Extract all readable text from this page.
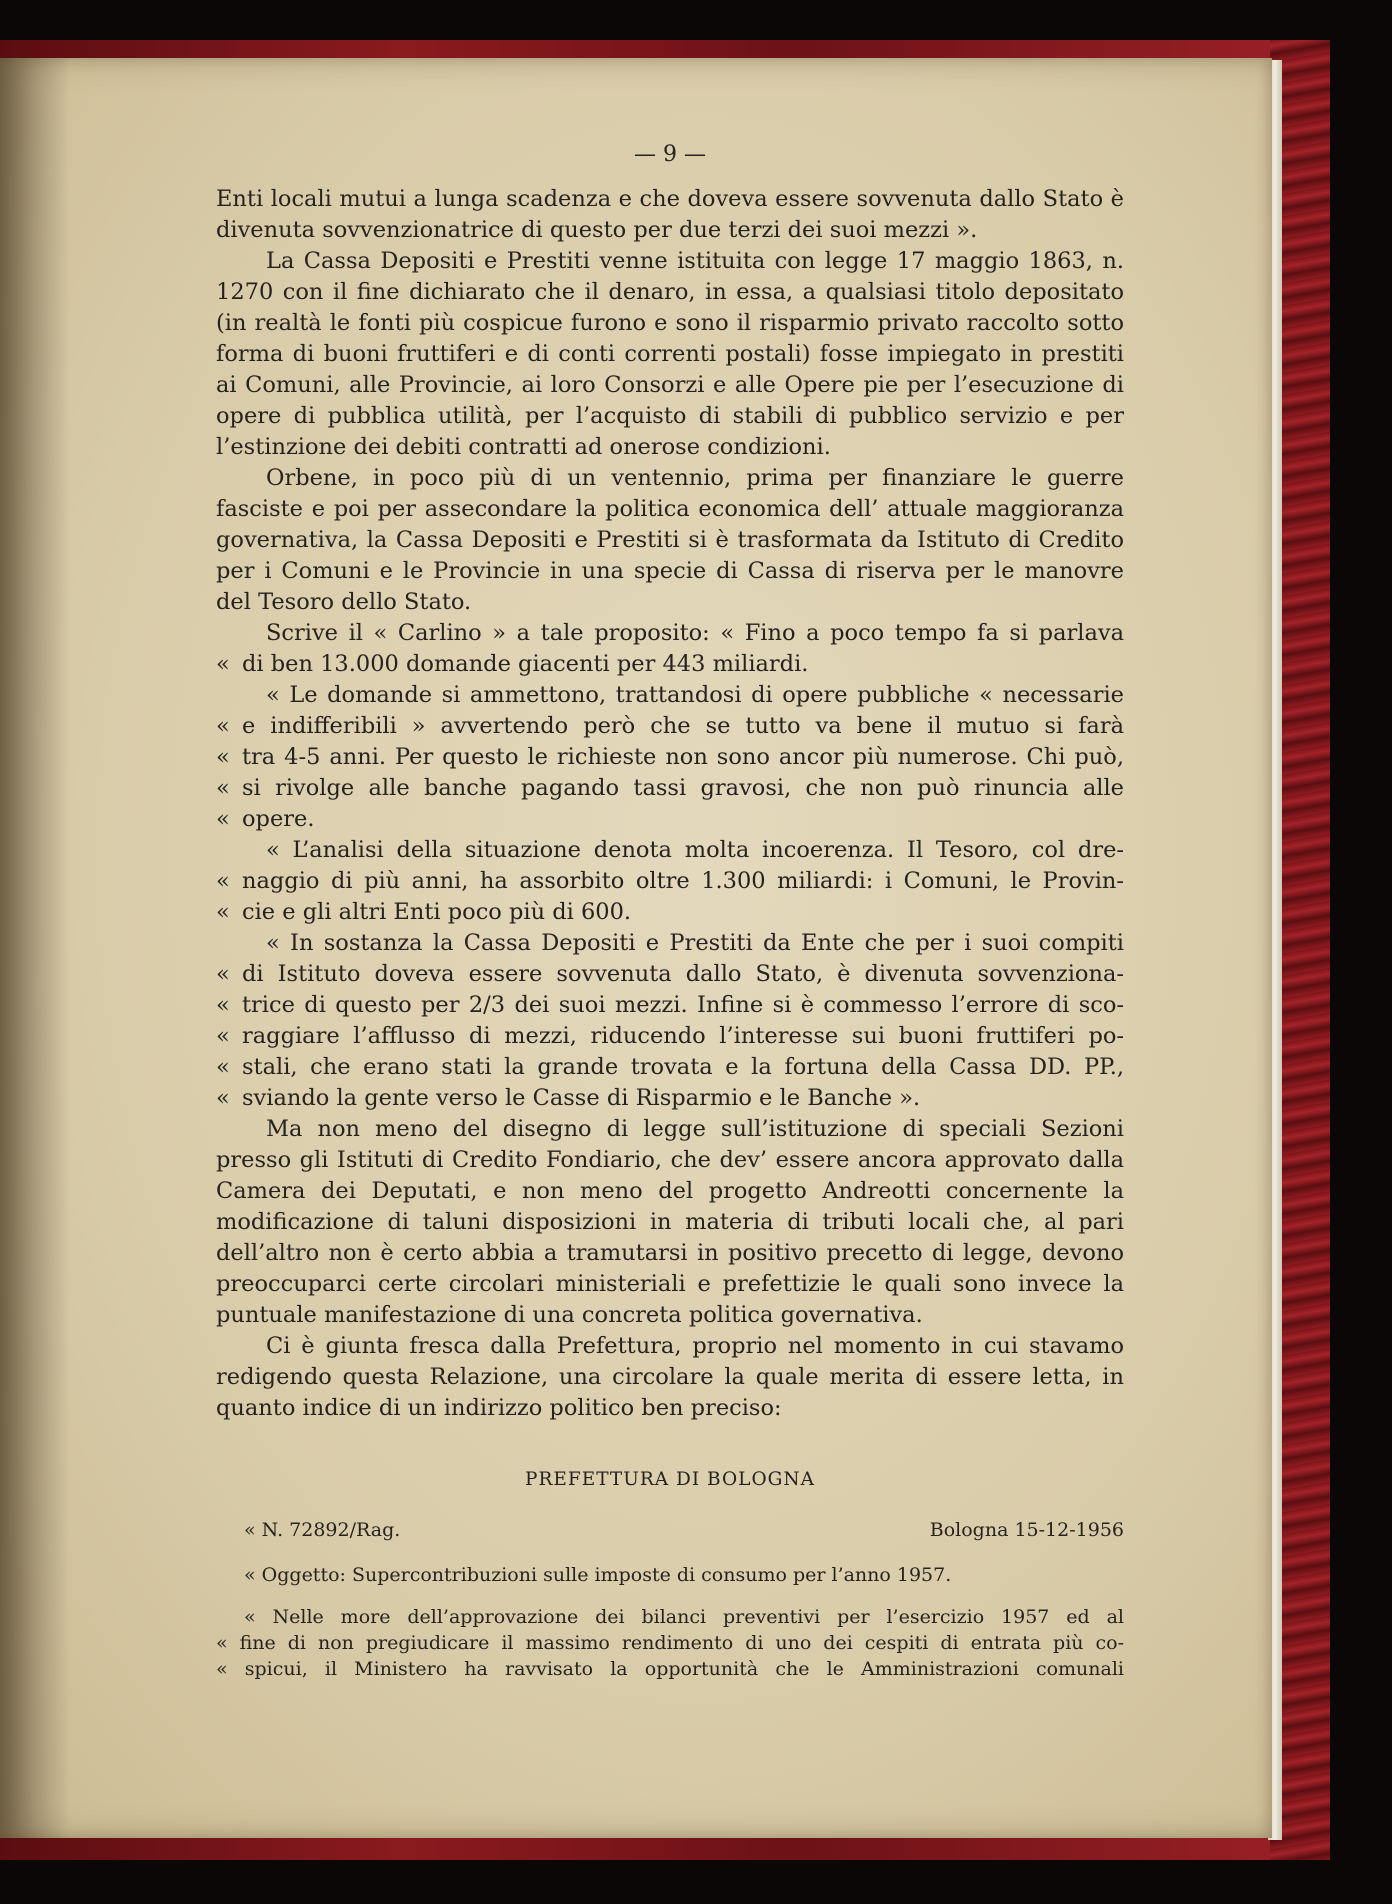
— 9 —

Enti locali mutui a lunga scadenza e che doveva essere sovvenuta dallo Stato è divenuta sovvenzionatrice di questo per due terzi dei suoi mezzi ».

La Cassa Depositi e Prestiti venne istituita con legge 17 maggio 1863, n. 1270 con il fine dichiarato che il denaro, in essa, a qualsiasi titolo depositato (in realtà le fonti più cospicue furono e sono il risparmio privato raccolto sotto forma di buoni fruttiferi e di conti correnti postali) fosse impiegato in prestiti ai Comuni, alle Provincie, ai loro Consorzi e alle Opere pie per l’esecuzione di opere di pubblica utilità, per l’acquisto di stabili di pubblico servizio e per l’estinzione dei debiti contratti ad onerose condizioni.

Orbene, in poco più di un ventennio, prima per finanziare le guerre fasciste e poi per assecondare la politica economica dell’ attuale maggioranza governativa, la Cassa Depositi e Prestiti si è trasformata da Istituto di Credito per i Comuni e le Provincie in una specie di Cassa di riserva per le manovre del Tesoro dello Stato.

Scrive il « Carlino » a tale proposito: « Fino a poco tempo fa si parlava
« di ben 13.000 domande giacenti per 443 miliardi.

« Le domande si ammettono, trattandosi di opere pubbliche « necessarie
« e indifferibili » avvertendo però che se tutto va bene il mutuo si farà
« tra 4-5 anni. Per questo le richieste non sono ancor più numerose. Chi può,
« si rivolge alle banche pagando tassi gravosi, che non può rinuncia alle
« opere.

« L’analisi della situazione denota molta incoerenza. Il Tesoro, col dre-
« naggio di più anni, ha assorbito oltre 1.300 miliardi: i Comuni, le Provin-
« cie e gli altri Enti poco più di 600.

« In sostanza la Cassa Depositi e Prestiti da Ente che per i suoi compiti
« di Istituto doveva essere sovvenuta dallo Stato, è divenuta sovvenziona-
« trice di questo per 2/3 dei suoi mezzi. Infine si è commesso l’errore di sco-
« raggiare l’afflusso di mezzi, riducendo l’interesse sui buoni fruttiferi po-
« stali, che erano stati la grande trovata e la fortuna della Cassa DD. PP.,
« sviando la gente verso le Casse di Risparmio e le Banche ».

Ma non meno del disegno di legge sull’istituzione di speciali Sezioni presso gli Istituti di Credito Fondiario, che dev’ essere ancora approvato dalla Camera dei Deputati, e non meno del progetto Andreotti concernente la modificazione di taluni disposizioni in materia di tributi locali che, al pari dell’altro non è certo abbia a tramutarsi in positivo precetto di legge, devono preoccuparci certe circolari ministeriali e prefettizie le quali sono invece la puntuale manifestazione di una concreta politica governativa.

Ci è giunta fresca dalla Prefettura, proprio nel momento in cui stavamo redigendo questa Relazione, una circolare la quale merita di essere letta, in quanto indice di un indirizzo politico ben preciso:

PREFETTURA DI BOLOGNA
« N. 72892/Rag.	Bologna 15-12-1956

« Oggetto: Supercontribuzioni sulle imposte di consumo per l’anno 1957.

« Nelle more dell’approvazione dei bilanci preventivi per l’esercizio 1957 ed al
« fine di non pregiudicare il massimo rendimento di uno dei cespiti di entrata più co-
« spicui, il Ministero ha ravvisato la opportunità che le Amministrazioni comunali
